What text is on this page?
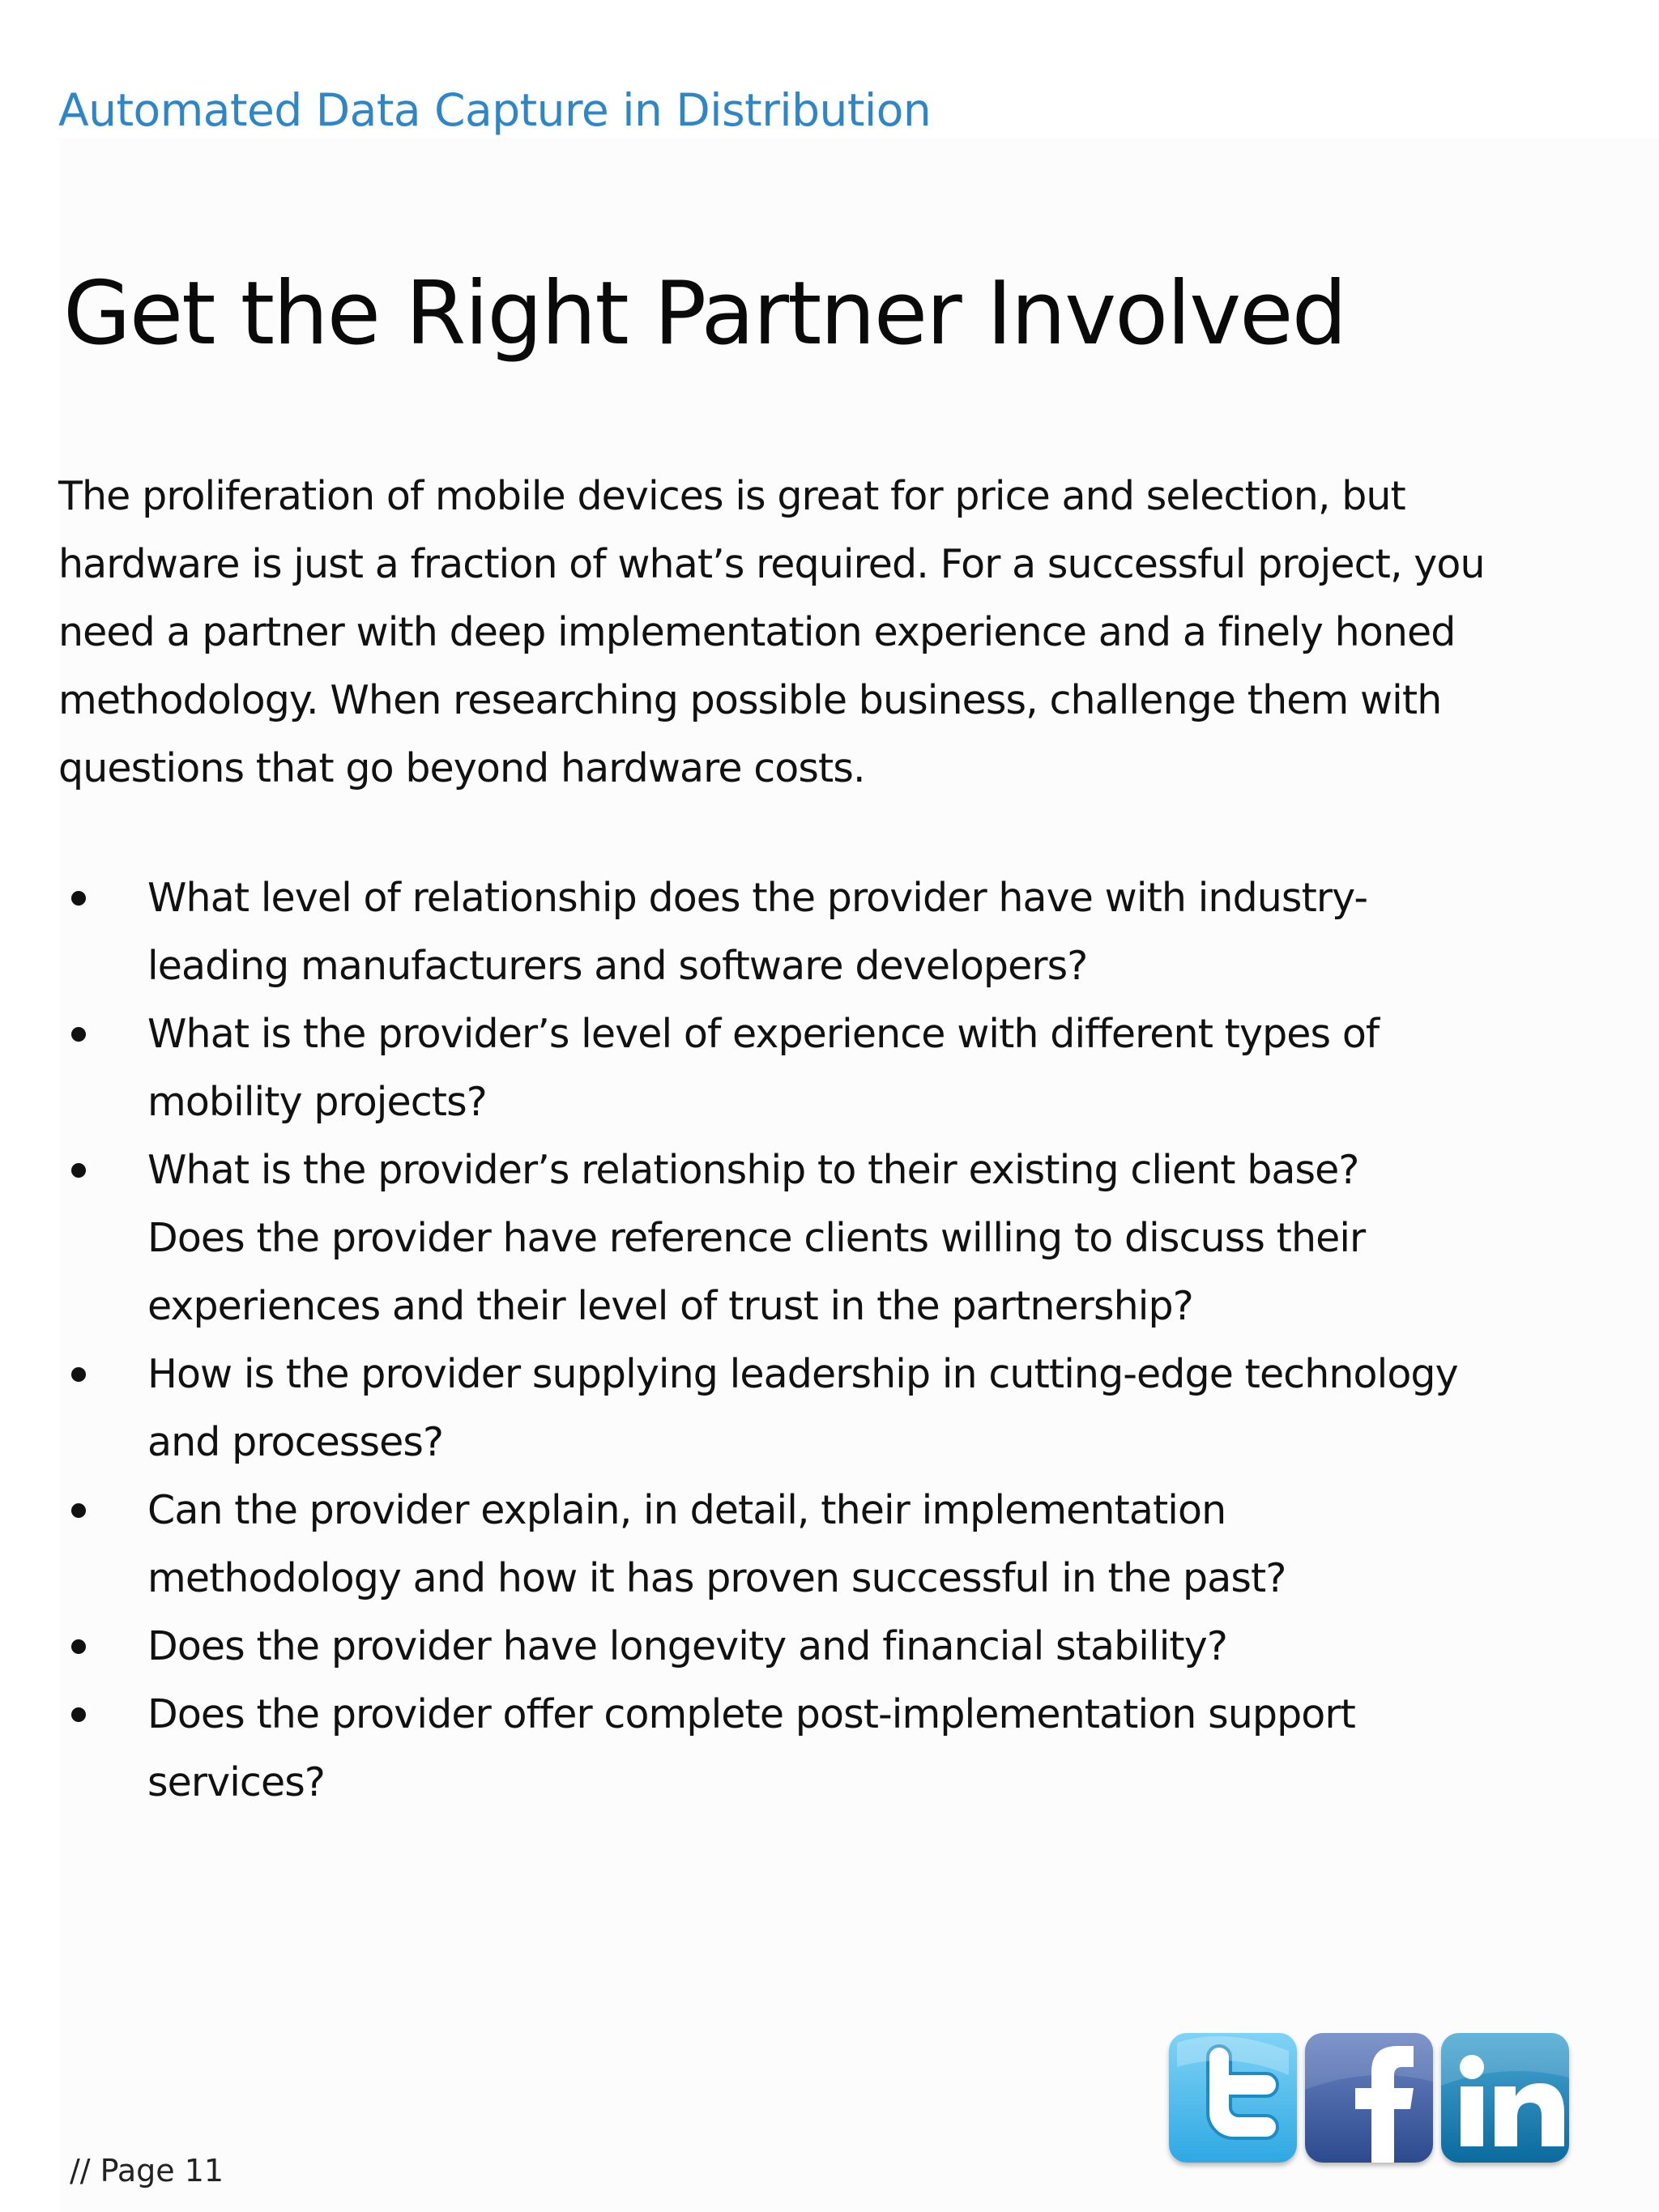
Automated Data Capture in Distribution
Get the Right Partner Involved

The proliferation of mobile devices is great for price and selection, but
hardware is just a fraction of what’s required. For a successful project, you
need a partner with deep implementation experience and a finely honed
methodology. When researching possible business, challenge them with
questions that go beyond hardware costs.

What level of relationship does the provider have with industry-
leading manufacturers and software developers?
What is the provider’s level of experience with different types of
mobility projects?
What is the provider’s relationship to their existing client base?
Does the provider have reference clients willing to discuss their
experiences and their level of trust in the partnership?
How is the provider supplying leadership in cutting-edge technology
and processes?
Can the provider explain, in detail, their implementation
methodology and how it has proven successful in the past?
Does the provider have longevity and financial stability?
Does the provider offer complete post-implementation support
services?
// Page 11
